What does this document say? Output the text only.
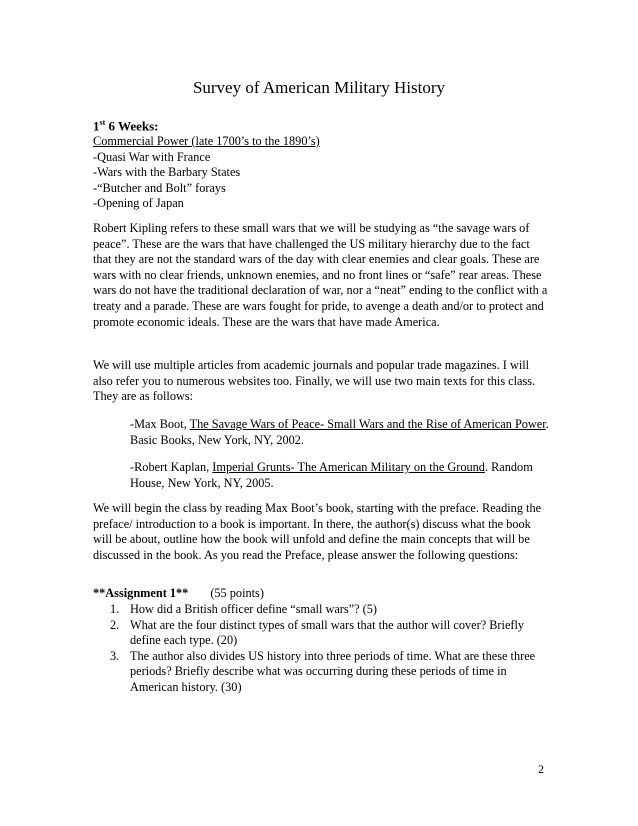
Survey of American Military History
1st 6 Weeks:
Commercial Power (late 1700’s to the 1890’s)
-Quasi War with France
-Wars with the Barbary States
-“Butcher and Bolt” forays
-Opening of Japan
Robert Kipling refers to these small wars that we will be studying as “the savage wars of peace”. These are the wars that have challenged the US military hierarchy due to the fact that they are not the standard wars of the day with clear enemies and clear goals. These are wars with no clear friends, unknown enemies, and no front lines or “safe” rear areas. These wars do not have the traditional declaration of war, nor a “neat” ending to the conflict with a treaty and a parade. These are wars fought for pride, to avenge a death and/or to protect and promote economic ideals. These are the wars that have made America.
We will use multiple articles from academic journals and popular trade magazines. I will also refer you to numerous websites too. Finally, we will use two main texts for this class. They are as follows:
-Max Boot, The Savage Wars of Peace- Small Wars and the Rise of American Power. Basic Books, New York, NY, 2002.
-Robert Kaplan, Imperial Grunts- The American Military on the Ground. Random House, New York, NY, 2005.
We will begin the class by reading Max Boot’s book, starting with the preface. Reading the preface/ introduction to a book is important. In there, the author(s) discuss what the book will be about, outline how the book will unfold and define the main concepts that will be discussed in the book. As you read the Preface, please answer the following questions:
**Assignment 1** (55 points)
1. How did a British officer define “small wars”? (5)
2. What are the four distinct types of small wars that the author will cover? Briefly define each type. (20)
3. The author also divides US history into three periods of time. What are these three periods? Briefly describe what was occurring during these periods of time in American history. (30)
2
